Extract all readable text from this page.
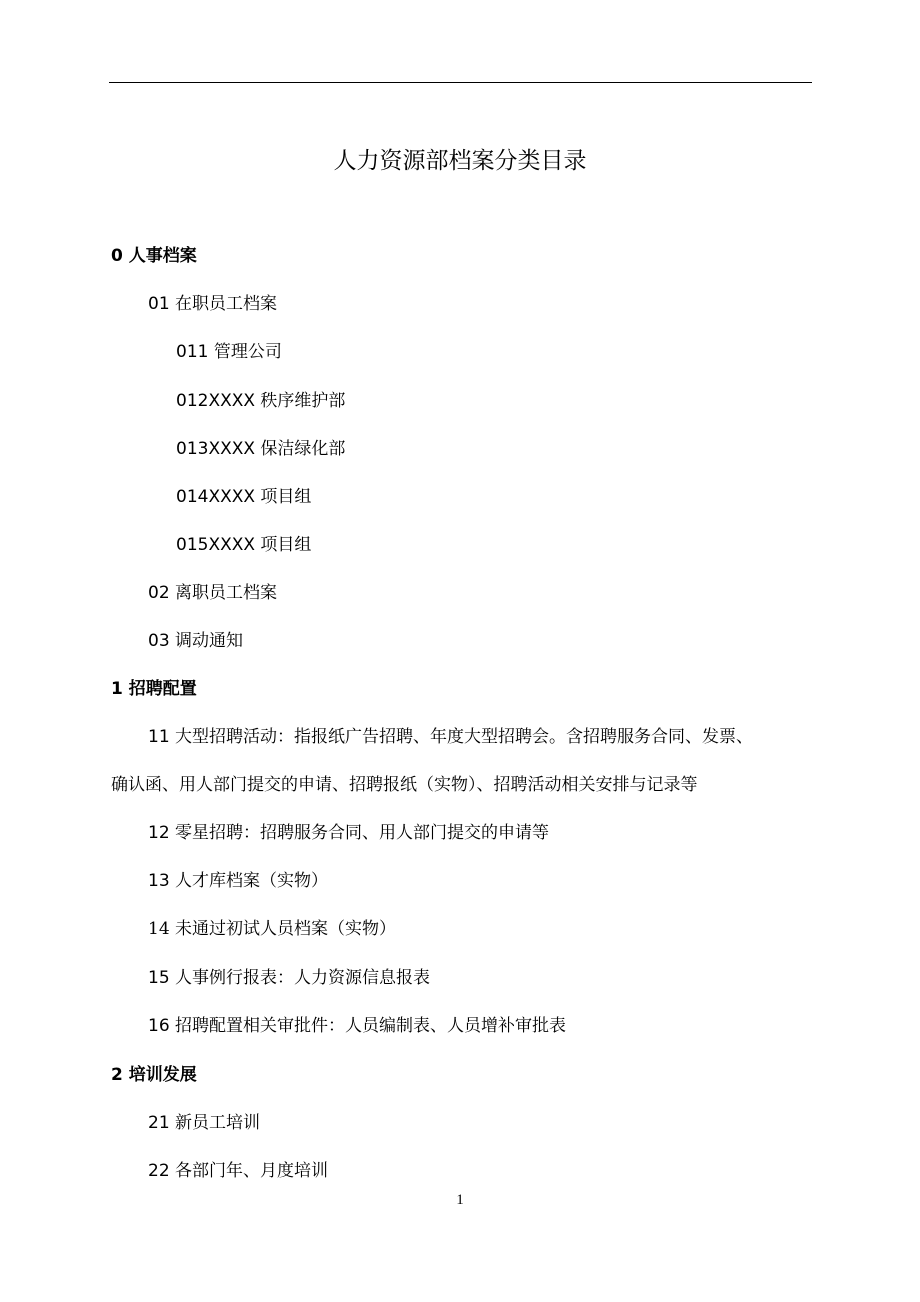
人力资源部档案分类目录
0 人事档案
01 在职员工档案
011 管理公司
012XXXX 秩序维护部
013XXXX 保洁绿化部
014XXXX 项目组
015XXXX 项目组
02 离职员工档案
03 调动通知
1 招聘配置
11 大型招聘活动：指报纸广告招聘、年度大型招聘会。含招聘服务合同、发票、
确认函、用人部门提交的申请、招聘报纸（实物）、招聘活动相关安排与记录等
12 零星招聘：招聘服务合同、用人部门提交的申请等
13 人才库档案（实物）
14 未通过初试人员档案（实物）
15 人事例行报表：人力资源信息报表
16 招聘配置相关审批件：人员编制表、人员增补审批表
2 培训发展
21 新员工培训
22 各部门年、月度培训
1
